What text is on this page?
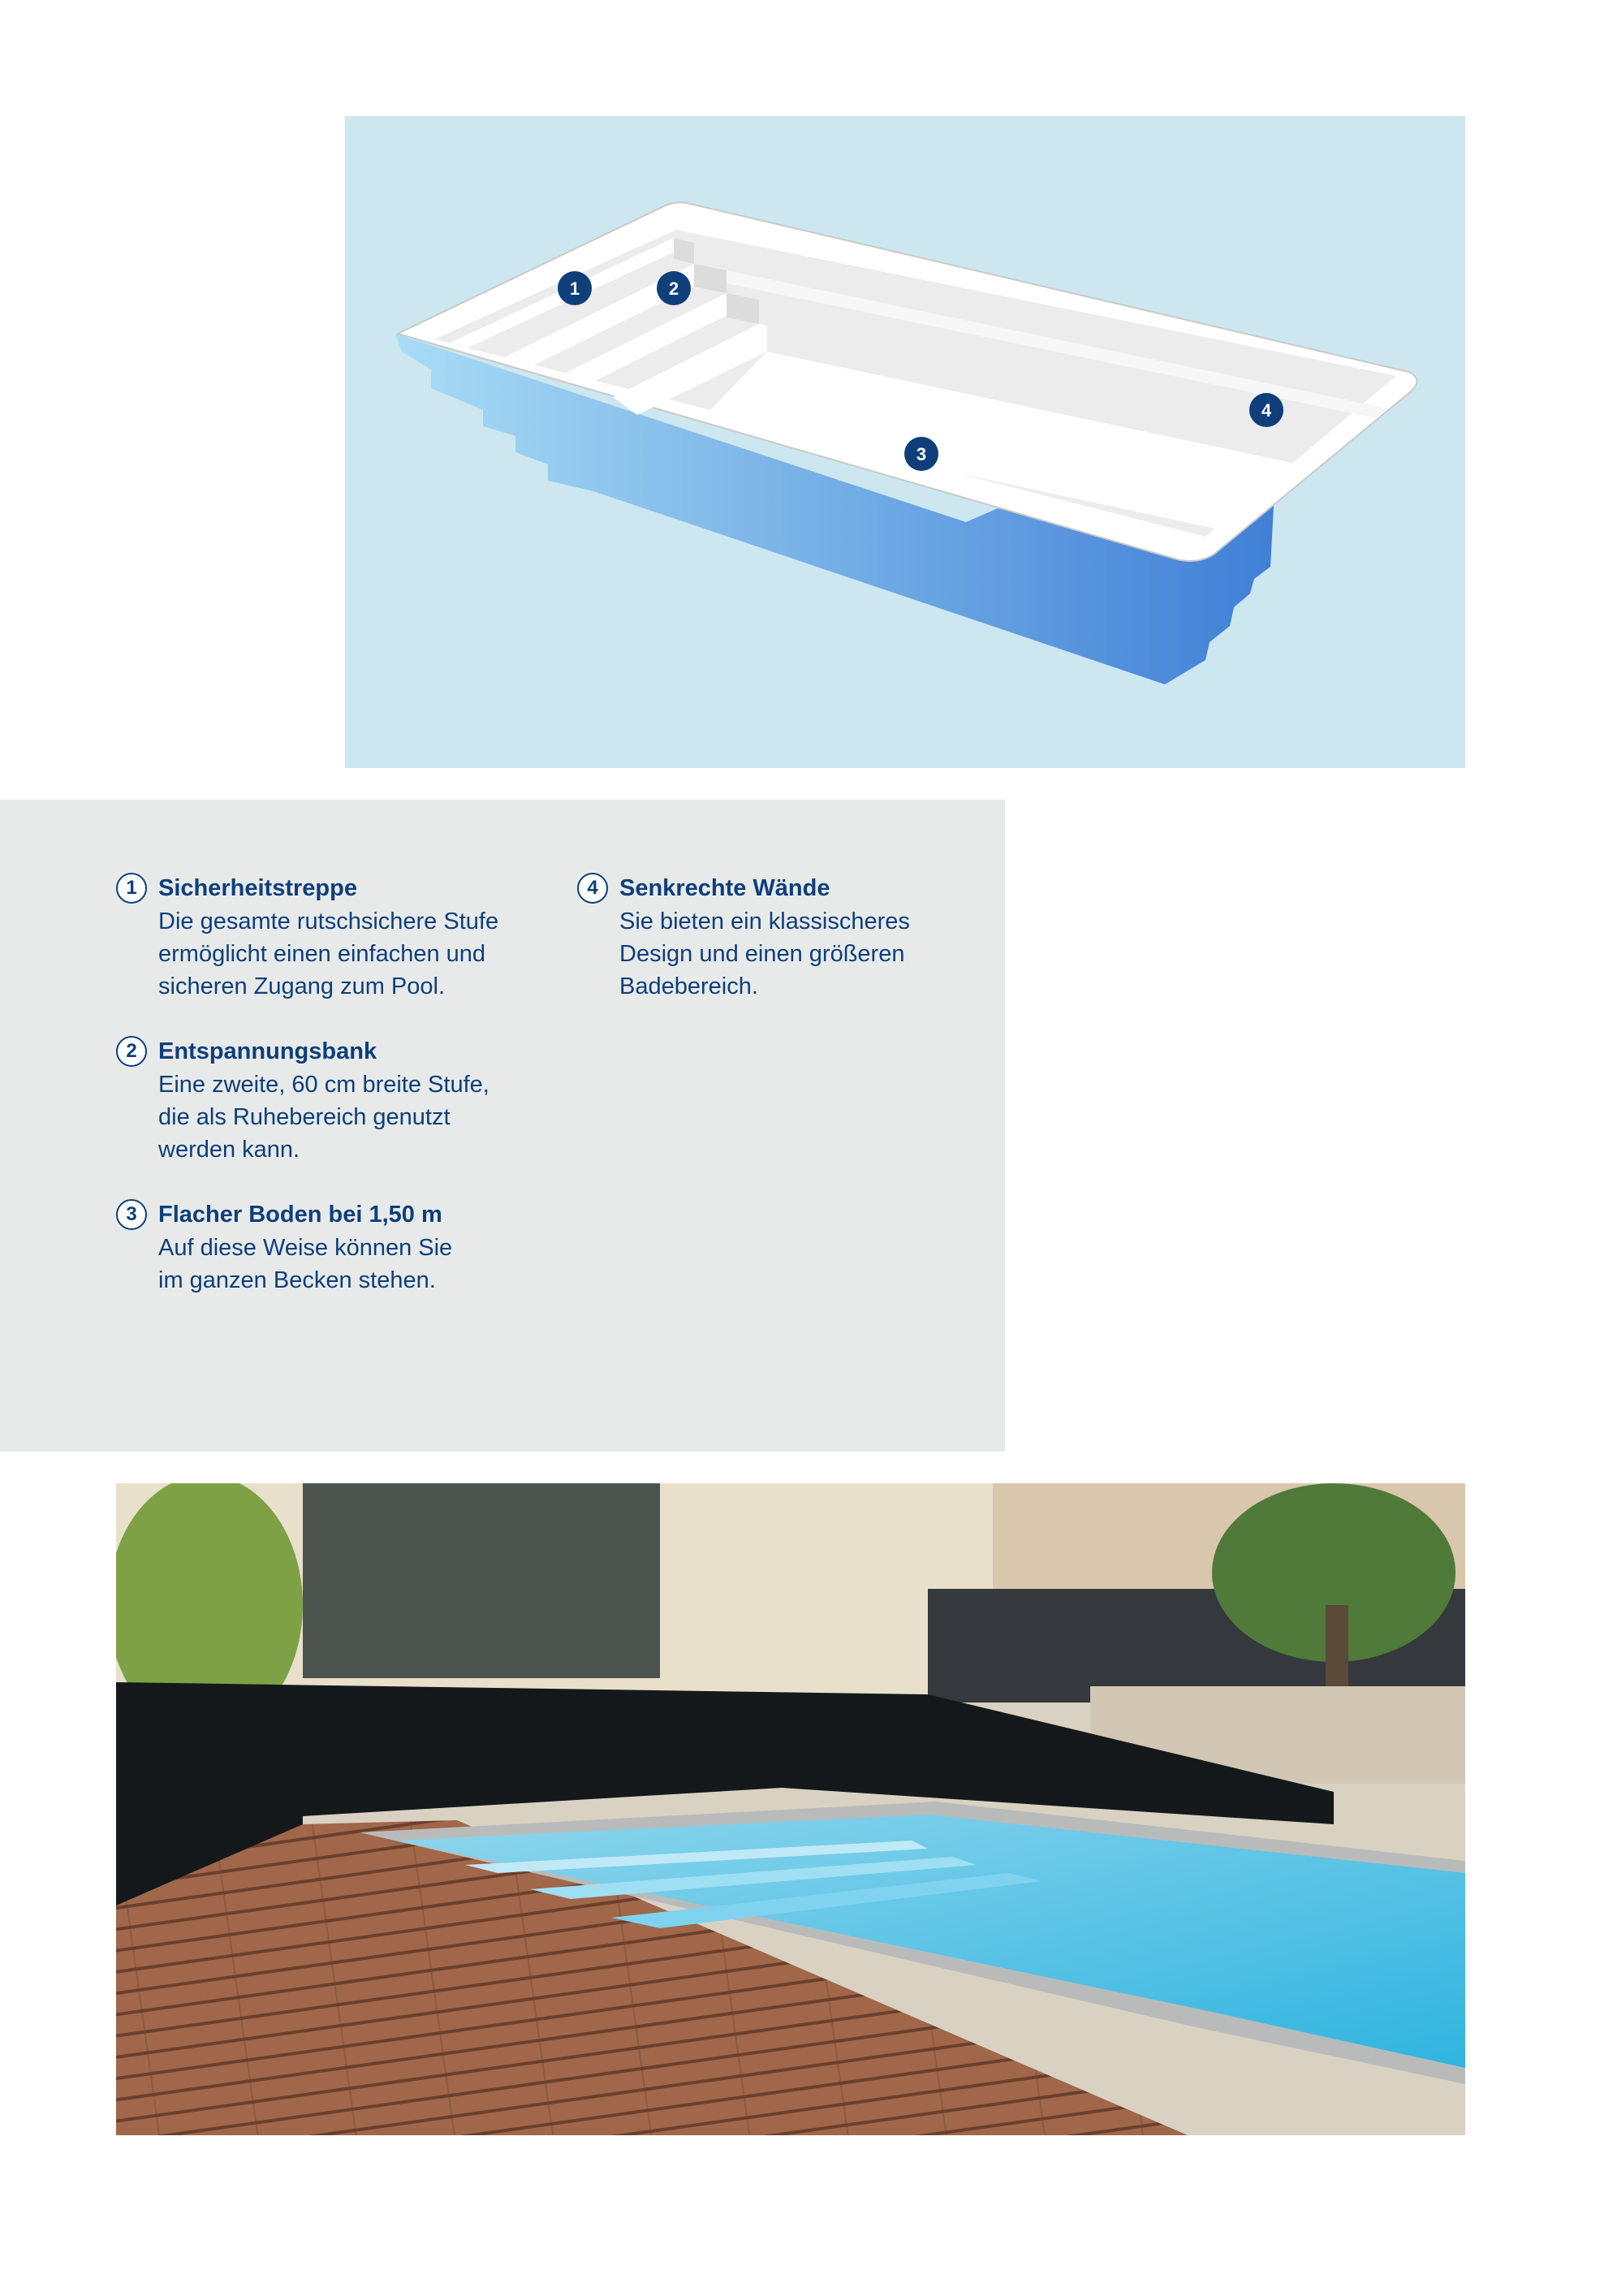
1	2
3
4
1 Sicherheitstreppe
Die gesamte rutschsichere Stufe
ermöglicht einen einfachen und
sicheren Zugang zum Pool.
2 Entspannungsbank
Eine zweite, 60 cm breite Stufe,
die als Ruhebereich genutzt
werden kann.
3 Flacher Boden bei 1,50 m
Auf diese Weise können Sie
im ganzen Becken stehen.
4 Senkrechte Wände
Sie bieten ein klassischeres
Design und einen größeren
Badebereich.
